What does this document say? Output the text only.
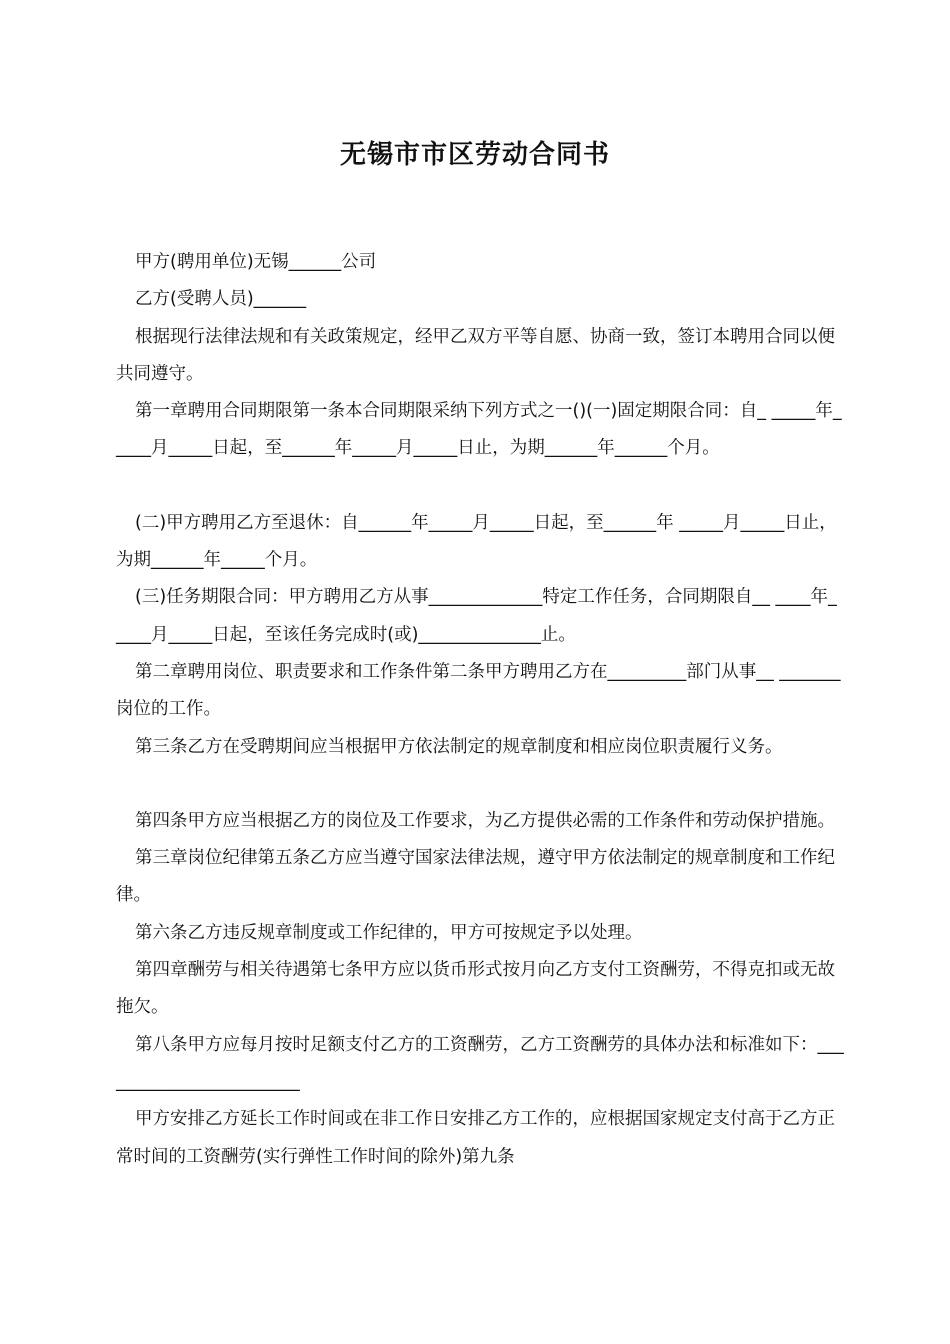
无锡市市区劳动合同书

甲方(聘用单位)无锡______公司

乙方(受聘人员)______

根据现行法律法规和有关政策规定，经甲乙双方平等自愿、协商一致，签订本聘用合同以便共同遵守。

第一章聘用合同期限第一条本合同期限采纳下列方式之一()(一)固定期限合同：自_ _____年_____月_____日起，至______年_____月_____日止，为期______年______个月。

(二)甲方聘用乙方至退休：自______年_____月_____日起，至______年 _____月_____日止，为期______年_____个月。

(三)任务期限合同：甲方聘用乙方从事_____________特定工作任务，合同期限自__ ____年_____月_____日起，至该任务完成时(或)______________止。

第二章聘用岗位、职责要求和工作条件第二条甲方聘用乙方在_________部门从事__ _______岗位的工作。

第三条乙方在受聘期间应当根据甲方依法制定的规章制度和相应岗位职责履行义务。

第四条甲方应当根据乙方的岗位及工作要求，为乙方提供必需的工作条件和劳动保护措施。

第三章岗位纪律第五条乙方应当遵守国家法律法规，遵守甲方依法制定的规章制度和工作纪律。

第六条乙方违反规章制度或工作纪律的，甲方可按规定予以处理。

第四章酬劳与相关待遇第七条甲方应以货币形式按月向乙方支付工资酬劳，不得克扣或无故拖欠。

第八条甲方应每月按时足额支付乙方的工资酬劳，乙方工资酬劳的具体办法和标准如下：________________________

甲方安排乙方延长工作时间或在非工作日安排乙方工作的，应根据国家规定支付高于乙方正常时间的工资酬劳(实行弹性工作时间的除外)第九条
